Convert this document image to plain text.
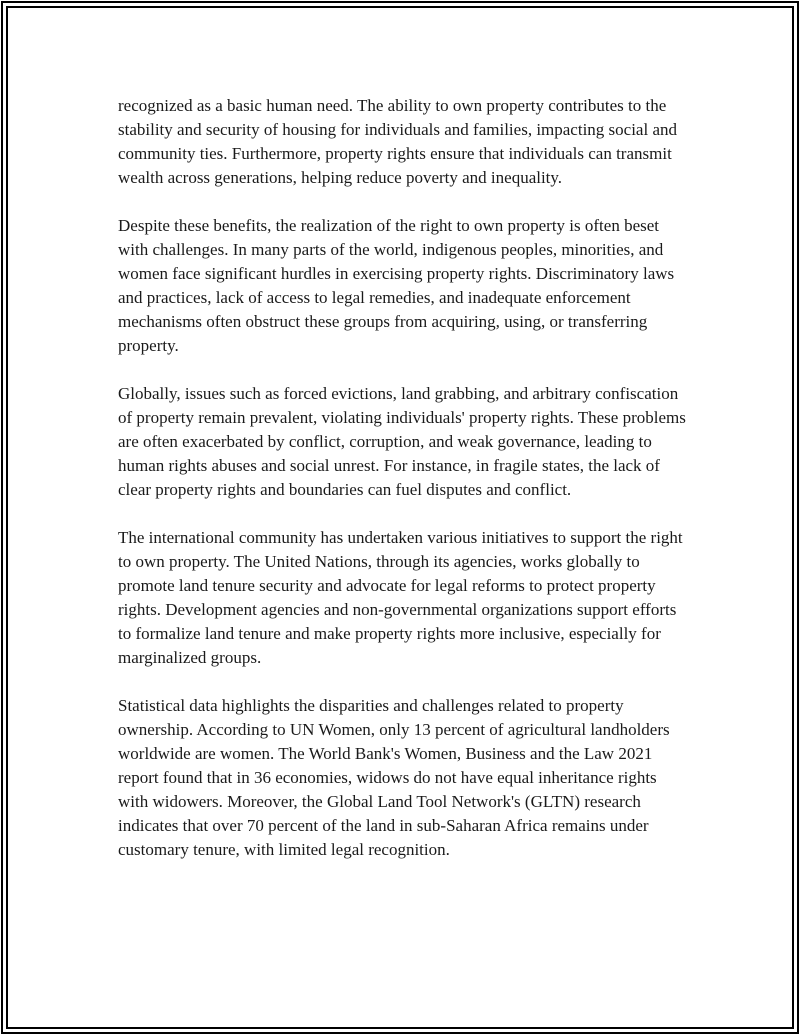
recognized as a basic human need. The ability to own property contributes to the stability and security of housing for individuals and families, impacting social and community ties. Furthermore, property rights ensure that individuals can transmit wealth across generations, helping reduce poverty and inequality.

Despite these benefits, the realization of the right to own property is often beset with challenges. In many parts of the world, indigenous peoples, minorities, and women face significant hurdles in exercising property rights. Discriminatory laws and practices, lack of access to legal remedies, and inadequate enforcement mechanisms often obstruct these groups from acquiring, using, or transferring property.

Globally, issues such as forced evictions, land grabbing, and arbitrary confiscation of property remain prevalent, violating individuals' property rights. These problems are often exacerbated by conflict, corruption, and weak governance, leading to human rights abuses and social unrest. For instance, in fragile states, the lack of clear property rights and boundaries can fuel disputes and conflict.

The international community has undertaken various initiatives to support the right to own property. The United Nations, through its agencies, works globally to promote land tenure security and advocate for legal reforms to protect property rights. Development agencies and non-governmental organizations support efforts to formalize land tenure and make property rights more inclusive, especially for marginalized groups.

Statistical data highlights the disparities and challenges related to property ownership. According to UN Women, only 13 percent of agricultural landholders worldwide are women. The World Bank's Women, Business and the Law 2021 report found that in 36 economies, widows do not have equal inheritance rights with widowers. Moreover, the Global Land Tool Network's (GLTN) research indicates that over 70 percent of the land in sub-Saharan Africa remains under customary tenure, with limited legal recognition.
